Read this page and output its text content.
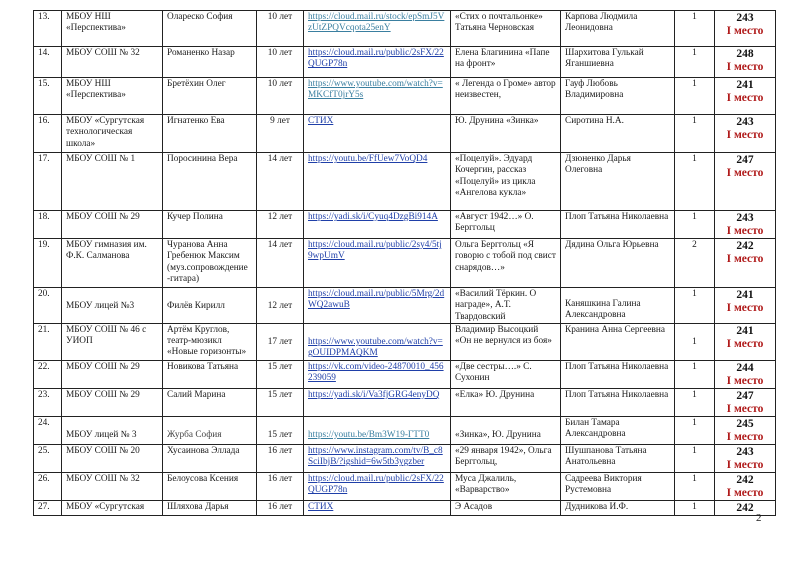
13.	МБОУ НШ «Перспектива»	Оларeско София	10 лет	https://cloud.mail.ru/stock/epSmJ5VzUtZPQVcqota25enY	«Стих о почтальонке» Татьяна Черновская	Карпова Людмила Леонидовна	1	243
I место

14.	МБОУ СОШ № 32	Романенко Назар	10 лет	https://cloud.mail.ru/public/2sFX/22QUGP78n	Елена Благинина «Папе на фронт»	Шархитова Гулькай Яганшиевна	1	248
I место

15.	МБОУ НШ «Перспектива»	Бретёхин Олег	10 лет	https://www.youtube.com/watch?v=MKCfT0jrY5s	« Легенда о Громе» автор неизвестен,	Гауф Любовь Владимировна	1	241
I место

16.	МБОУ «Сургутская технологическая школа»	Игнатенко Ева	9 лет	СТИХ	Ю. Друнина «Зинка»	Сиротина Н.А.	1	243
I место

17.	МБОУ СОШ № 1	Поросинина Вера	14 лет	https://youtu.be/FfUew7VoQD4	«Поцелуй». Эдуард Кочергин, рассказ «Поцелуй» из цикла «Ангелова кукла»	Дзюненко Дарья Олеговна	1	247
I место

18.	МБОУ СОШ № 29	Кучер Полина	12 лет	https://yadi.sk/i/Cyuq4DzgBi914A	«Август 1942…» О. Берггольц	Плоп Татьяна Николаевна	1	243
I место

19.	МБОУ гимназия им. Ф.К. Салманова	Чуранова Анна Гребенюк Максим (муз.сопровождение -гитара)	14 лет	https://cloud.mail.ru/public/2sy4/5tj9wpUmV	Ольга Берггольц «Я говорю с тобой под свист снарядов…»	Дядина Ольга Юрьевна	2	242
I место

20.	МБОУ лицей №3	Филёв Кирилл	12 лет	https://cloud.mail.ru/public/5Mrg/2dWQ2awuB	«Василий Тёркин. О награде», А.Т. Твардовский	Каняшкина Галина Александровна	1	241
I место

21.	МБОУ СОШ № 46 с УИОП	Артём Круглов, театр-мюзикл «Новые горизонты»	17 лет	https://www.youtube.com/watch?v=gOUIDPMAQKM	Владимир Высоцкий «Он не вернулся из боя»	Кранина Анна Сергеевна	1	241
I место

22.	МБОУ СОШ № 29	Новикова Татьяна	15 лет	https://vk.com/video-24870010_456239059	«Две сестры….» С. Сухонин	Плоп Татьяна Николаевна	1	244
I место

23.	МБОУ СОШ № 29	Салий Марина	15 лет	https://yadi.sk/i/Va3fjGRG4enyDQ	«Елка» Ю. Друнина	Плоп Татьяна Николаевна	1	247
I место

24.	МБОУ лицей № 3	Журба София	15 лет	https://youtu.be/Bm3W19-ГТТ0	«Зинка», Ю. Друнина	Билан Тамара Александровна	1	245
I место

25.	МБОУ СОШ № 20	Хусаинова Эллада	16 лет	https://www.instagram.com/tv/B_c8SciIbjB/?igshid=6w5tb3ygzber	«29 января 1942», Ольга Берггольц,	Шушпанова Татьяна Анатольевна	1	243
I место

26.	МБОУ СОШ № 32	Белоусова Ксения	16 лет	https://cloud.mail.ru/public/2sFX/22QUGP78n	Муса Джалиль, «Варварство»	Садреева Виктория Рустемовна	1	242
I место

27.	МБОУ «Сургутская	Шляхова Дарья	16 лет	СТИХ	Э Асадов	Дудникова И.Ф.	1	242
2
